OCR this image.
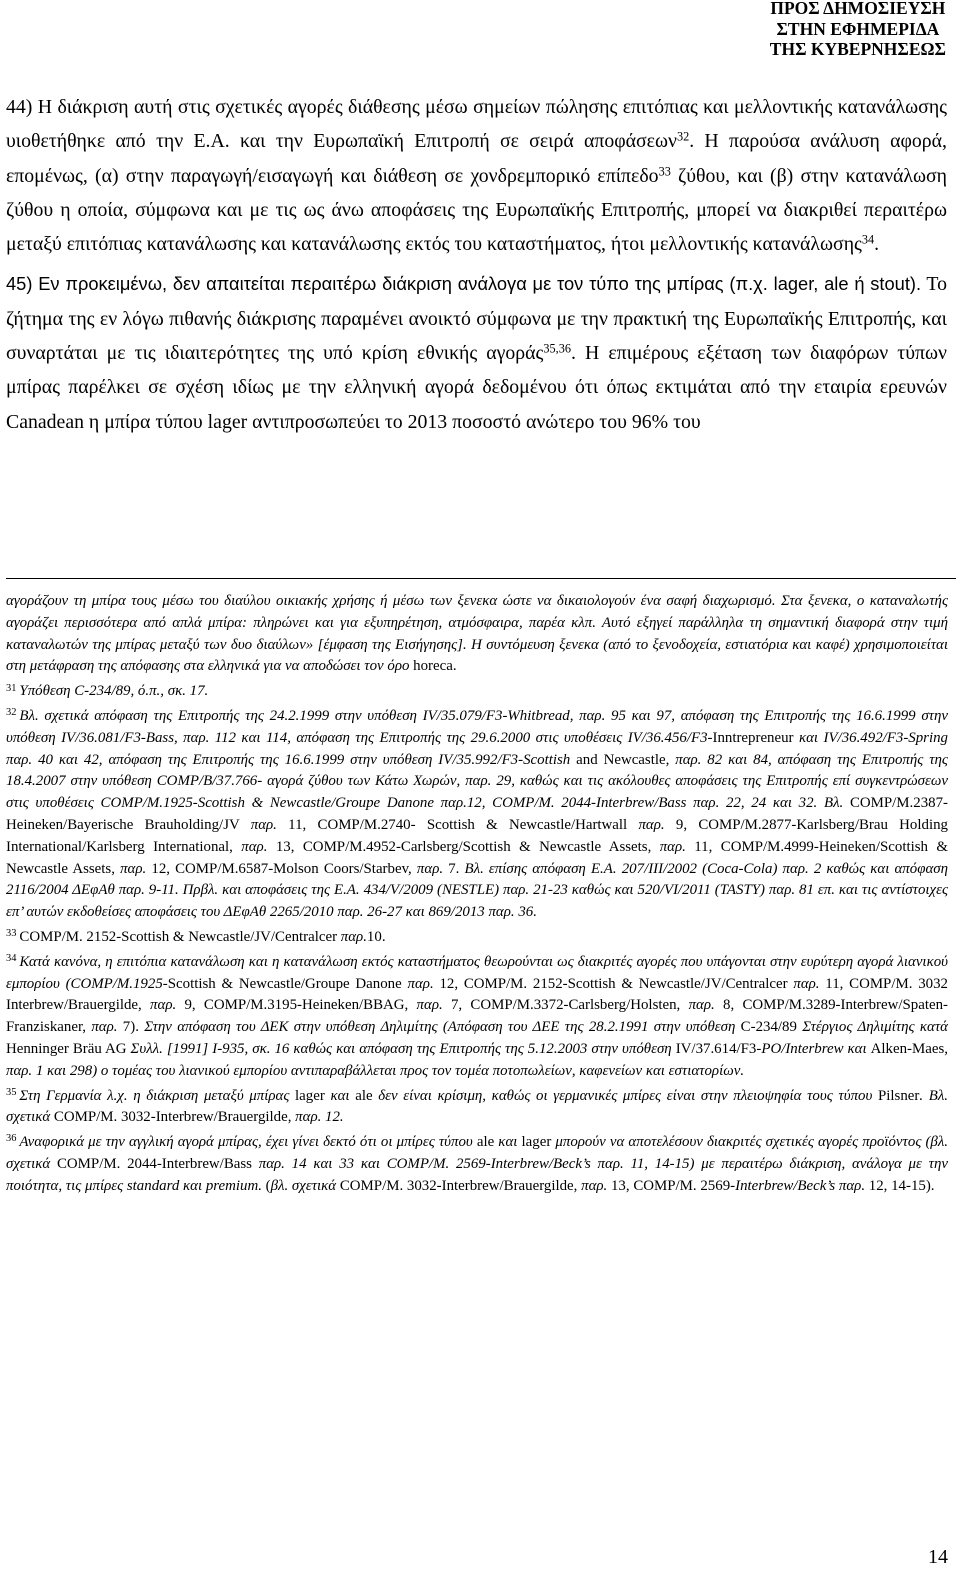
ΠΡΟΣ ΔΗΜΟΣΙΕΥΣΗ
ΣΤΗΝ ΕΦΗΜΕΡΙΔΑ
ΤΗΣ ΚΥΒΕΡΝΗΣΕΩΣ

44) Η διάκριση αυτή στις σχετικές αγορές διάθεσης μέσω σημείων πώλησης επιτόπιας και μελλοντικής κατανάλωσης υιοθετήθηκε από την Ε.Α. και την Ευρωπαϊκή Επιτροπή σε σειρά αποφάσεων$^{32}$. Η παρούσα ανάλυση αφορά, επομένως, (α) στην παραγωγή/εισαγωγή και διάθεση σε χονδρεμπορικό επίπεδο$^{33}$ ζύθου, και (β) στην κατανάλωση ζύθου η οποία, σύμφωνα και με τις ως άνω αποφάσεις της Ευρωπαϊκής Επιτροπής, μπορεί να διακριθεί περαιτέρω μεταξύ επιτόπιας κατανάλωσης και κατανάλωσης εκτός του καταστήματος, ήτοι μελλοντικής κατανάλωσης$^{34}$.

45) Εν προκειμένω, δεν απαιτείται περαιτέρω διάκριση ανάλογα με τον τύπο της μπίρας (π.χ. lager, ale ή stout). Το ζήτημα της εν λόγω πιθανής διάκρισης παραμένει ανοικτό σύμφωνα με την πρακτική της Ευρωπαϊκής Επιτροπής, και συναρτάται με τις ιδιαιτερότητες της υπό κρίση εθνικής αγοράς$^{35,36}$. Η επιμέρους εξέταση των διαφόρων τύπων μπίρας παρέλκει σε σχέση ιδίως με την ελληνική αγορά δεδομένου ότι όπως εκτιμάται από την εταιρία ερευνών Canadean η μπίρα τύπου lager αντιπροσωπεύει το 2013 ποσοστό ανώτερο του 96% του

αγοράζουν τη μπίρα τους μέσω του διαύλου οικιακής χρήσης ή μέσω των ξενεκα ώστε να δικαιολογούν ένα σαφή διαχωρισμό. Στα ξενεκα, ο καταναλωτής αγοράζει περισσότερα από απλά μπίρα: πληρώνει και για εξυπηρέτηση, ατμόσφαιρα, παρέα κλπ. Αυτό εξηγεί παράλληλα τη σημαντική διαφορά στην τιμή καταναλωτών της μπίρας μεταξύ των δυο διαύλων» [έμφαση της Εισήγησης]. Η συντόμευση ξενεκα (από το ξενοδοχεία, εστιατόρια και καφέ) χρησιμοποιείται στη μετάφραση της απόφασης στα ελληνικά για να αποδώσει τον όρο horeca.

$^{31}$ Υπόθεση C-234/89, ό.π., σκ. 17.

$^{32}$ Βλ. σχετικά απόφαση της Επιτροπής της 24.2.1999 στην υπόθεση IV/35.079/F3-Whitbread, παρ. 95 και 97, απόφαση της Επιτροπής της 16.6.1999 στην υπόθεση IV/36.081/F3-Bass, παρ. 112 και 114, απόφαση της Επιτροπής της 29.6.2000 στις υποθέσεις IV/36.456/F3-Inntrepreneur και IV/36.492/F3-Spring παρ. 40 και 42, απόφαση της Επιτροπής της 16.6.1999 στην υπόθεση IV/35.992/F3-Scottish and Newcastle, παρ. 82 και 84, απόφαση της Επιτροπής της 18.4.2007 στην υπόθεση COMP/B/37.766- αγορά ζύθου των Κάτω Χωρών, παρ. 29, καθώς και τις ακόλουθες αποφάσεις της Επιτροπής επί συγκεντρώσεων στις υποθέσεις COMP/M.1925-Scottish & Newcastle/Groupe Danone παρ.12, COMP/M. 2044-Interbrew/Bass παρ. 22, 24 και 32. Βλ. COMP/M.2387-Heineken/Bayerische Brauholding/JV παρ. 11, COMP/M.2740- Scottish & Newcastle/Hartwall παρ. 9, COMP/M.2877-Karlsberg/Brau Holding International/Karlsberg International, παρ. 13, COMP/M.4952-Carlsberg/Scottish & Newcastle Assets, παρ. 11, COMP/M.4999-Heineken/Scottish & Newcastle Assets, παρ. 12, COMP/M.6587-Molson Coors/Starbev, παρ. 7. Βλ. επίσης απόφαση Ε.Α. 207/ΙΙΙ/2002 (Coca-Cola) παρ. 2 καθώς και απόφαση 2116/2004 ΔΕφΑθ παρ. 9-11. Πρβλ. και αποφάσεις της Ε.Α. 434/V/2009 (NESTLE) παρ. 21-23 καθώς και 520/VI/2011 (TASTY) παρ. 81 επ. και τις αντίστοιχες επ’ αυτών εκδοθείσες αποφάσεις του ΔΕφΑθ 2265/2010 παρ. 26-27 και 869/2013 παρ. 36.

$^{33}$ COMP/M. 2152-Scottish & Newcastle/JV/Centralcer παρ.10.

$^{34}$ Κατά κανόνα, η επιτόπια κατανάλωση και η κατανάλωση εκτός καταστήματος θεωρούνται ως διακριτές αγορές που υπάγονται στην ευρύτερη αγορά λιανικού εμπορίου (COMP/M.1925-Scottish & Newcastle/Groupe Danone παρ. 12, COMP/M. 2152-Scottish & Newcastle/JV/Centralcer παρ. 11, COMP/M. 3032 Interbrew/Brauergilde, παρ. 9, COMP/M.3195-Heineken/BBAG, παρ. 7, COMP/M.3372-Carlsberg/Holsten, παρ. 8, COMP/M.3289-Interbrew/Spaten-Franziskaner, παρ. 7). Στην απόφαση του ΔΕΚ στην υπόθεση Δηλιμίτης (Απόφαση του ΔΕΕ της 28.2.1991 στην υπόθεση C-234/89 Στέργιος Δηλιμίτης κατά Henninger Bräu AG Συλλ. [1991] Ι-935, σκ. 16 καθώς και απόφαση της Επιτροπής της 5.12.2003 στην υπόθεση IV/37.614/F3-PO/Interbrew και Alken-Maes, παρ. 1 και 298) ο τομέας του λιανικού εμπορίου αντιπαραβάλλεται προς τον τομέα ποτοπωλείων, καφενείων και εστιατορίων.

$^{35}$ Στη Γερμανία λ.χ. η διάκριση μεταξύ μπίρας lager και ale δεν είναι κρίσιμη, καθώς οι γερμανικές μπίρες είναι στην πλειοψηφία τους τύπου Pilsner. Βλ. σχετικά COMP/M. 3032-Interbrew/Brauergilde, παρ. 12.

$^{36}$ Αναφορικά με την αγγλική αγορά μπίρας, έχει γίνει δεκτό ότι οι μπίρες τύπου ale και lager μπορούν να αποτελέσουν διακριτές σχετικές αγορές προϊόντος (βλ. σχετικά COMP/M. 2044-Interbrew/Bass παρ. 14 και 33 και COMP/M. 2569-Interbrew/Beck’s παρ. 11, 14-15) με περαιτέρω διάκριση, ανάλογα με την ποιότητα, τις μπίρες standard και premium. (βλ. σχετικά COMP/M. 3032-Interbrew/Brauergilde, παρ. 13, COMP/M. 2569-Interbrew/Beck’s παρ. 12, 14-15).

14
